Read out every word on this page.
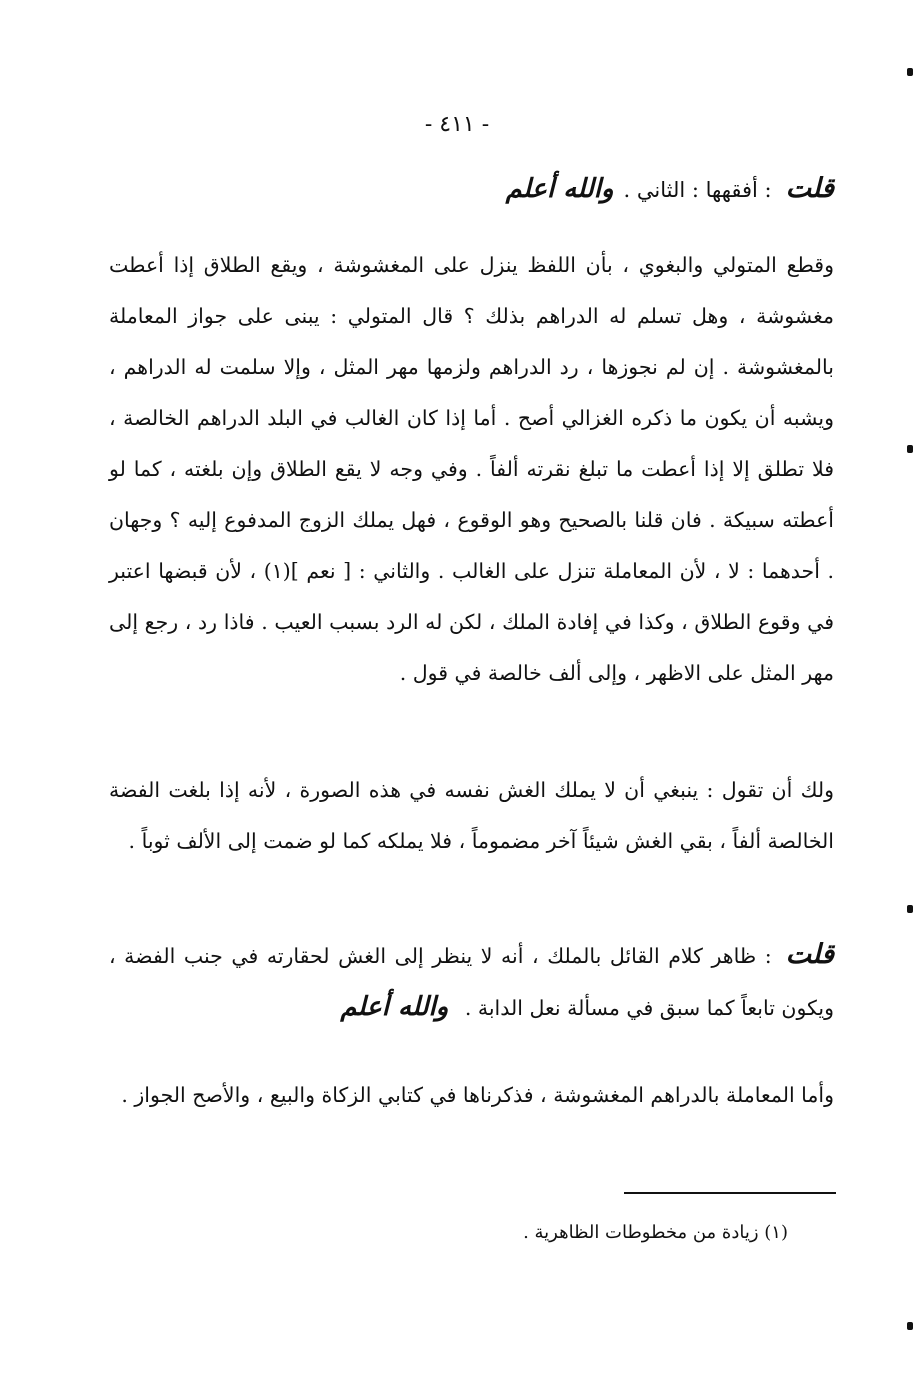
- ٤١١ -
قلت: أفقهها : الثاني .والله أعلم

وقطع المتولي والبغوي ، بأن اللفظ ينزل على المغشوشة ، ويقع الطلاق إذا أعطت مغشوشة ، وهل تسلم له الدراهم بذلك ؟ قال المتولي : يبنى على جواز المعاملة بالمغشوشة . إن لم نجوزها ، رد الدراهم ولزمها مهر المثل ، وإلا سلمت له الدراهم ، ويشبه أن يكون ما ذكره الغزالي أصح . أما إذا كان الغالب في البلد الدراهم الخالصة ، فلا تطلق إلا إذا أعطت ما تبلغ نقرته ألفاً . وفي وجه لا يقع الطلاق وإن بلغته ، كما لو أعطته سبيكة . فان قلنا بالصحيح وهو الوقوع ، فهل يملك الزوج المدفوع إليه ؟ وجهان . أحدهما : لا ، لأن المعاملة تنزل على الغالب . والثاني : [ نعم ](١) ، لأن قبضها اعتبر في وقوع الطلاق ، وكذا في إفادة الملك ، لكن له الرد بسبب العيب . فاذا رد ، رجع إلى مهر المثل على الاظهر ، وإلى ألف خالصة في قول .

ولك أن تقول : ينبغي أن لا يملك الغش نفسه في هذه الصورة ، لأنه إذا بلغت الفضة الخالصة ألفاً ، بقي الغش شيئاً آخر مضموماً ، فلا يملكه كما لو ضمت إلى الألف ثوباً .

قلت: ظاهر كلام القائل بالملك ، أنه لا ينظر إلى الغش لحقارته في جنب الفضة ، ويكون تابعاً كما سبق في مسألة نعل الدابة . والله أعلم

وأما المعاملة بالدراهم المغشوشة ، فذكرناها في كتابي الزكاة والبيع ، والأصح الجواز .

(١) زيادة من مخطوطات الظاهرية .
